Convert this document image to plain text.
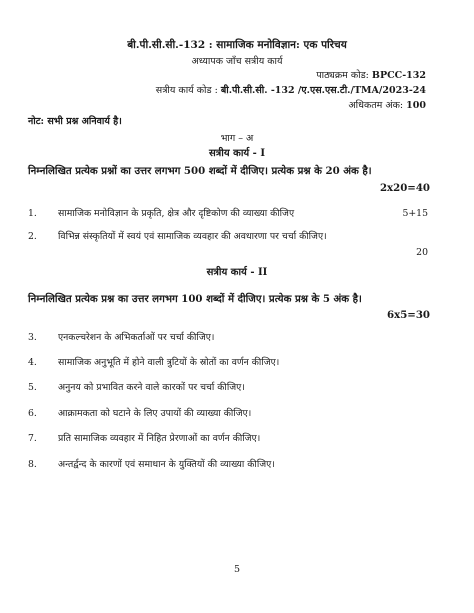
बी.पी.सी.सी.-132 : सामाजिक मनोविज्ञान: एक परिचय
अध्यापक जाँच सत्रीय कार्य
पाठ्यक्रम कोड: BPCC-132
सत्रीय कार्य कोड : बी.पी.सी.सी. -132 /ए.एस.एस.टी./TMA/2023-24
अधिकतम अंक: 100
नोट: सभी प्रश्न अनिवार्य है।
भाग – अ
सत्रीय कार्य - I
निम्नलिखित प्रत्येक प्रश्नों का उत्तर लगभग 500 शब्दों में दीजिए। प्रत्येक प्रश्न के 20 अंक है।
2x20=40
1. सामाजिक मनोविज्ञान के प्रकृति, क्षेत्र और दृष्टिकोण की व्याख्या कीजिए	5+15
2. विभिन्न संस्कृतियों में स्वयं एवं सामाजिक व्यवहार की अवधारणा पर चर्चा कीजिए।
20
सत्रीय कार्य - II
निम्नलिखित प्रत्येक प्रश्न का उत्तर लगभग 100 शब्दों में दीजिए। प्रत्येक प्रश्न के 5 अंक है।
6x5=30
3. एनकल्चरेशन के अभिकर्ताओं पर चर्चा कीजिए।
4. सामाजिक अनुभूति में होने वाली त्रुटियों के स्रोतों का वर्णन कीजिए।
5. अनुनय को प्रभावित करने वाले कारकों पर चर्चा कीजिए।
6. आक्रामकता को घटाने के लिए उपायों की व्याख्या कीजिए।
7. प्रति सामाजिक व्यवहार में निहित प्रेरणाओं का वर्णन कीजिए।
8. अन्तर्द्वन्द के कारणों एवं समाधान के युक्तियों की व्याख्या कीजिए।
5
